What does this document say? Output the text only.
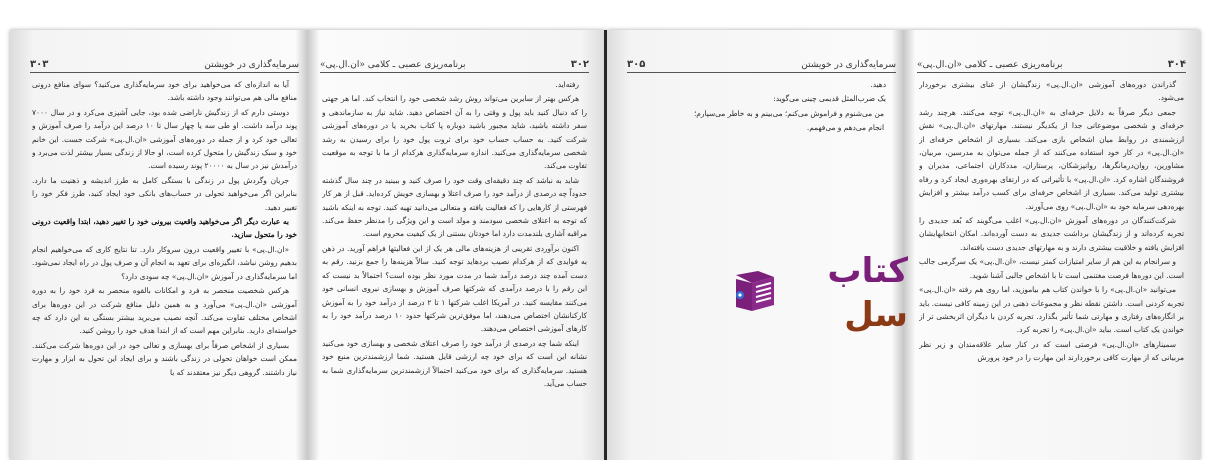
سرمایه‌گذاری در خویشتن
۳۰۳

آیا به اندازه‌ای که می‌خواهید برای خود سرمایه‌گذاری می‌کنید؟ سوای منافع درونی منافع مالی هم می‌توانند وجود داشته باشد.

دوستی دارم که از زندگیش ناراضی شده بود، جایی آشپزی می‌کرد و در سال ۷۰۰۰ پوند درآمد داشت. او طی سه یا چهار سال تا ۱۰ درصد این درآمد را صرف آموزش و تعالی خود کرد و از جمله در دوره‌های آموزشی «ان.ال.پی» شرکت جست. این خانم خود و سبک زندگیش را متحول کرده است، او حالا از زندگی بسیار بیشتر لذت می‌برد و درآمدش نیز در سال به ۲۰۰۰۰ پوند رسیده است.

جریان وگردش پول در زندگی با بستگی کامل به طرز اندیشه و ذهنیت ما دارد. بنابراین اگر می‌خواهید تحولی در حساب‌های بانکی خود ایجاد کنید، طرز فکر خود را تغییر دهید.

به عبارت دیگر اگر می‌خواهید واقعیت بیرونی خود را تغییر دهید، ابتدا واقعیت درونی خود را متحول سازید.

«ان.ال.پی» با تغییر واقعیت درون سروکار دارد. تنا نتایج کاری که می‌خواهیم انجام بدهیم روشن نباشد، انگیزه‌ای برای تعهد به انجام آن و صرف پول در راه ایجاد نمی‌شود. اما سرمایه‌گذاری در آموزش «ان.ال.پی» چه سودی دارد؟

هرکس شخصیت منحصر به فرد و امکانات بالقوه منحصر به فرد خود را به دوره آموزشی «ان.ال.پی» می‌آورد و به همین دلیل منافع شرکت در این دوره‌ها برای اشخاص مختلف تفاوت می‌کند. آنچه نصیب می‌برید بیشتر بستگی به این دارد که چه خواسته‌ای دارید. بنابراین مهم است که از ابتدا هدف خود را روشن کنید.

بسیاری از اشخاص صرفاً برای بهسازی و تعالی خود در این دوره‌ها شرکت می‌کنند. ممکن است خواهان تحولی در زندگی باشند و برای ایجاد این تحول به ابزار و مهارت نیاز داشتند. گروهی دیگر نیز معتقدند که با

۳۰۲
برنامه‌ریزی عصبی ـ کلامی «ان.ال.پی»

رفته‌اید.

هرکس بهتر از سایرین می‌تواند روش رشد شخصی خود را انتخاب کند. اما هر جهتی را که دنبال کنید باید پول و وقتی را به آن اختصاص دهید. شاید نیاز به سازماندهی و سفر داشته باشید، شاید مجبور باشید دوباره پا کتاب بخرید یا در دوره‌های آموزشی شرکت کنید. به حساب‌ حساب خود برای ثروت پول خود را برای رسیدن به رشد شخصی سرمایه‌گذاری می‌کنید. اندازه سرمایه‌گذاری هرکدام از ما با توجه به موقعیت تفاوت می‌کند.

شاید به نباشد که چند دقیقه‌ای وقت خود را صرف کنید و ببینید در چند سال گذشته حدوداً چه درصدی از درآمد خود را صرف اعتلا و بهسازی خویش کرده‌اید. قبل از هر کار فهرستی از کارهایی را که فعالیت یافته و متعالی می‌دانید تهیه کنید. توجه به اینکه باشید که توجه به اعتلای شخصی سودمند و مولد است و این ویژگی را مدنظر حفظ می‌کند. مراقبه آشاری بلندمدت دارد اما خودتان بستنی از یک کیفیت محروم است.

اکنون برآوردی تقریبی از هزینه‌های مالی هر یک از این فعالیتها فراهم آورید. در ذهن به فوایدی که از هرکدام نصیب بردهاید توجه کنید. سالاً هزینه‌ها را جمع بزنید. رقم به دست آمده چند درصد درآمد شما در مدت مورد نظر بوده است؟ احتمالاً بد نیست که این رقم را با درصد درآمدی که شرکتها صرف آموزش و بهسازی نیروی انسانی خود می‌کنند مقایسه کنید. در آمریکا اغلب شرکتها ۱ تا ۲ درصد از درآمد خود را به آموزش کارکنانشان اختصاص می‌دهند، اما موفق‌ترین شرکتها حدود ۱۰ درصد درآمد خود را به کارهای آموزشی اختصاص می‌دهند.

اینکه شما چه درصدی از درآمد خود را صرف اعتلای شخصی و بهسازی خود می‌کنید نشانه این است که برای خود چه ارزشی قایل هستید. شما ارزشمندترین منبع خود هستید. سرمایه‌گذاری که برای خود می‌کنید احتمالاً ارزشمندترین سرمایه‌گذاری شما به حساب می‌آید.

سرمایه‌گذاری در خویشتن
۳۰۵

دهید.

یک ضرب‌المثل قدیمی چینی می‌گوید:

من می‌شنوم و فراموش می‌کنم؛ می‌بینم و به خاطر می‌سپارم؛

انجام می‌دهم و می‌فهمم.

۳۰۴
برنامه‌ریزی عصبی ـ کلامی «ان.ال.پی»

گذراندن دوره‌های آموزشی «ان.ال.پی» زندگیشان از غنای بیشتری برخوردار می‌شود.

جمعی دیگر صرفاً به دلایل حرفه‌ای به «ان.ال.پی» توجه می‌کنند. هرچند رشد حرفه‌ای و شخصی موضوعاتی جدا از یکدیگر نیستند. مهارتهای «ان.ال.پی» نقش ارزشمندی در روابط میان اشخاص بازی می‌کند. بسیاری از اشخاص حرفه‌ای از «ان.ال.پی» در کار خود استفاده می‌کنند که از جمله می‌توان به مدرسین، مربیان، مشاورین، روان‌درمانگرها، روانپزشکان، پرستاران، مددکاران اجتماعی، مدیران و فروشندگان اشاره کرد. «ان.ال.پی» با تأثیراتی که در ارتقای بهره‌وری ایجاد کرد و رفاه بیشتری تولید می‌کند. بسیاری از اشخاص حرفه‌ای برای کسب درآمد بیشتر و افزایش بهره‌دهی سرمایه خود به «ان.ال.پی» روی می‌آورند.

شرکت‌کنندگان در دوره‌های آموزش «ان.ال.پی» اغلب می‌گویند که بُعد جدیدی را تجربه کرده‌اند و از زندگیشان برداشت جدیدی به دست آورده‌اند. امکان انتخابهایشان افزایش یافته و خلاقیت بیشتری دارند و به مهارتهای جدیدی دست یافته‌اند.

و سرانجام به این هم از سایر امتیازات کمتر نیست، «ان.ال.پی» یک سرگرمی جالب است. این دوره‌ها فرصت مغتنمی است تا با اشخاص جالبی آشنا شوید.

می‌توانید «ان.ال.پی» را با خواندن کتاب هم بیاموزید، اما روی هم رفته «ان.ال.پی» تجربه کردنی است. داشتن نقطه نظر و مجموعات ذهنی در این زمینه کافی نیست. باید بر انگاره‌های رفتاری و مهارتی شما تأثیر بگذارد. تجربه کردن با دیگران اثربخشی تر از خواندن یک کتاب است. بباید «ان.ال.پی» را تجربه کرد.

سمینارهای «ان.ال.پی» فرصتی است که در کنار سایر علاقه‌مندان و زیر نظر مربیانی که از مهارت کافی برخوردارند این مهارت را در خود پرورش

کتاب سل
